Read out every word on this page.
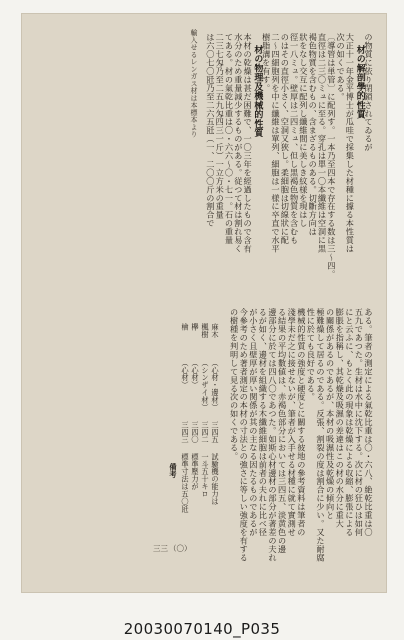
の物質に依り閉鎖されてゐるが
材の解剖學的性質
大正十一年金平博士が瓜哇で採集した材種に據る本性質は
次の如くである。
〔導管は単管〕に配列す。一本乃至四本で存在する数は三〜四。
直徑は二三〇ミュに至る。穿孔は單一〇本纖維は空洞に黒
褐色物質を含むもの、含まざるものある。切斷方向は
狀をなし交互に配列し纖維間に美しき紋様を現はし
徑一八ミュ。壁厚は二四ミュ、但し黒褐色物質を含むも
のはその直徑小さく、空洞又狹し。柔細胞は切線狀に配
二〜四細胞列を中に纖維は單列、細胞は一様に卒直で水平
樹脂溝を有す。
材の物理及機械的性質
本材の乾燥は甚だ困難で、一〇三年を經過したもので含有
水分のため重量減少するものがある。従つて材は割れ易く
てある。材の氣乾比重は〇・六六〜〇・七一。石の重量
二三七匁乃至二五九匁四三一斤）一立方米の重量
は六〇七〇瓩乃至二六五瓩（一、二〇〇斤の割合で
輸入せるレンガス材は本標本より
ある。筆者の測定による氣乾比重は〇・六八、絶乾比重は〇
五九であつた。生材は水中に沈下する。次に材の狂ひは如何
にと云ふに、もとく此の現象は乾燥による収縮、膨張による
膨脹を指稱し、其乾燥及吸濕の差違はこの材の水分に重大
の關係があるのであるが、本材の吸濕性及乾燥の傾向と
極難燥して居るのである。反張、割裂の度は割合に少い。又た耐腐
性に於ても良好である。
機械的性質の強度と硬度とに關する彼地の參考資料は筆者の
淺學未だ之に接せないが、筆者が入手せる材種に就て實測せ
る結果の平均數値は、赤褐色部分においては三四五、淡黄色の邊
邊部分に於ては四八〇であつた。如斯心材邊材の部分が著差の夫れ
るが如く、邊材を組織する木纖維細胞は前者の夫れに比べ径
が小さく且壁厚が厚い関係が其の主なる因たるものであるが
今參考のため著者測定の本材の寸法との強さに等しい強度を有する
の樹種を判明して見る次の如くである。
麻木
（心材・邊材）
三四五
試驗機の能力は
楓樹
（シンザイ材）
三四二
一斗五十キロ
欅
（心材）
三四〇
標準壓力が
檜
（心材）
三四三
標準寸法は五〇瓩
備考
三三 （〇）
20030070140_P035
